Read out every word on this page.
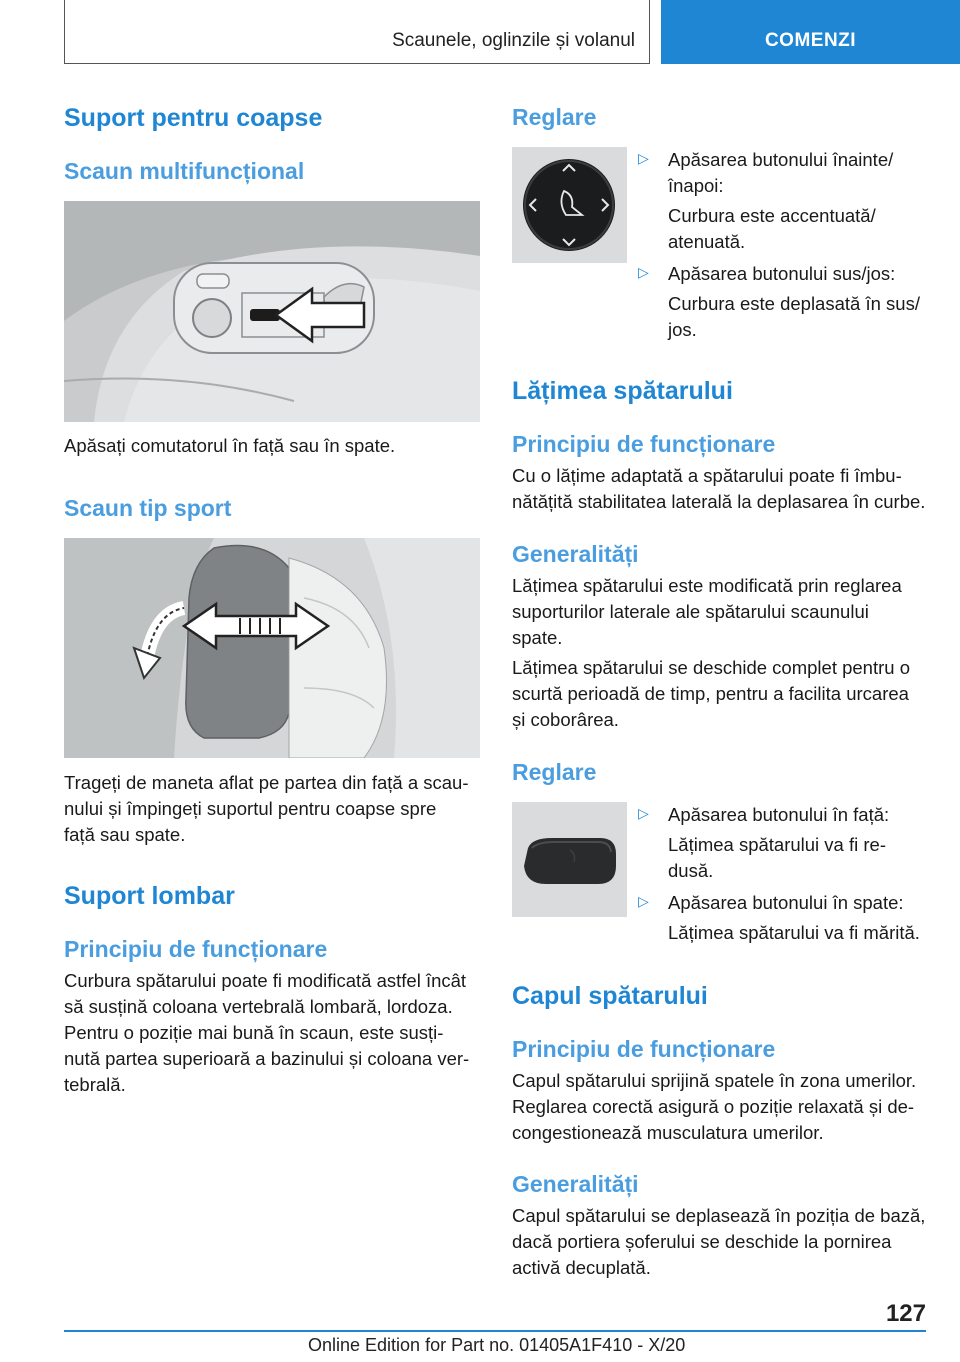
Scaunele, oglinzile și volanul	COMENZI
Suport pentru coapse
Scaun multifuncțional
Apăsați comutatorul în față sau în spate.
Scaun tip sport
Trageți de maneta aflat pe partea din față a scau-
nului și împingeți suportul pentru coapse spre
față sau spate.
Suport lombar
Principiu de funcționare
Curbura spătarului poate fi modificată astfel încât
să susțină coloana vertebrală lombară, lordoza.
Pentru o poziție mai bună în scaun, este susți-
nută partea superioară a bazinului și coloana ver-
tebrală.
Reglare
▷ Apăsarea butonului înainte/
înapoi:
Curbura este accentuată/
atenuată.
▷ Apăsarea butonului sus/jos:
Curbura este deplasată în sus/
jos.
Lățimea spătarului
Principiu de funcționare
Cu o lățime adaptată a spătarului poate fi îmbu-
nătățită stabilitatea laterală la deplasarea în curbe.
Generalități
Lățimea spătarului este modificată prin reglarea
suporturilor laterale ale spătarului scaunului
spate.
Lățimea spătarului se deschide complet pentru o
scurtă perioadă de timp, pentru a facilita urcarea
și coborârea.
Reglare
▷ Apăsarea butonului în față:
Lățimea spătarului va fi re-
dusă.
▷ Apăsarea butonului în spate:
Lățimea spătarului va fi mărită.
Capul spătarului
Principiu de funcționare
Capul spătarului sprijină spatele în zona umerilor.
Reglarea corectă asigură o poziție relaxată și de-
congestionează musculatura umerilor.
Generalități
Capul spătarului se deplasează în poziția de bază,
dacă portiera șoferului se deschide la pornirea
activă decuplată.
127
Online Edition for Part no. 01405A1F410 - X/20
